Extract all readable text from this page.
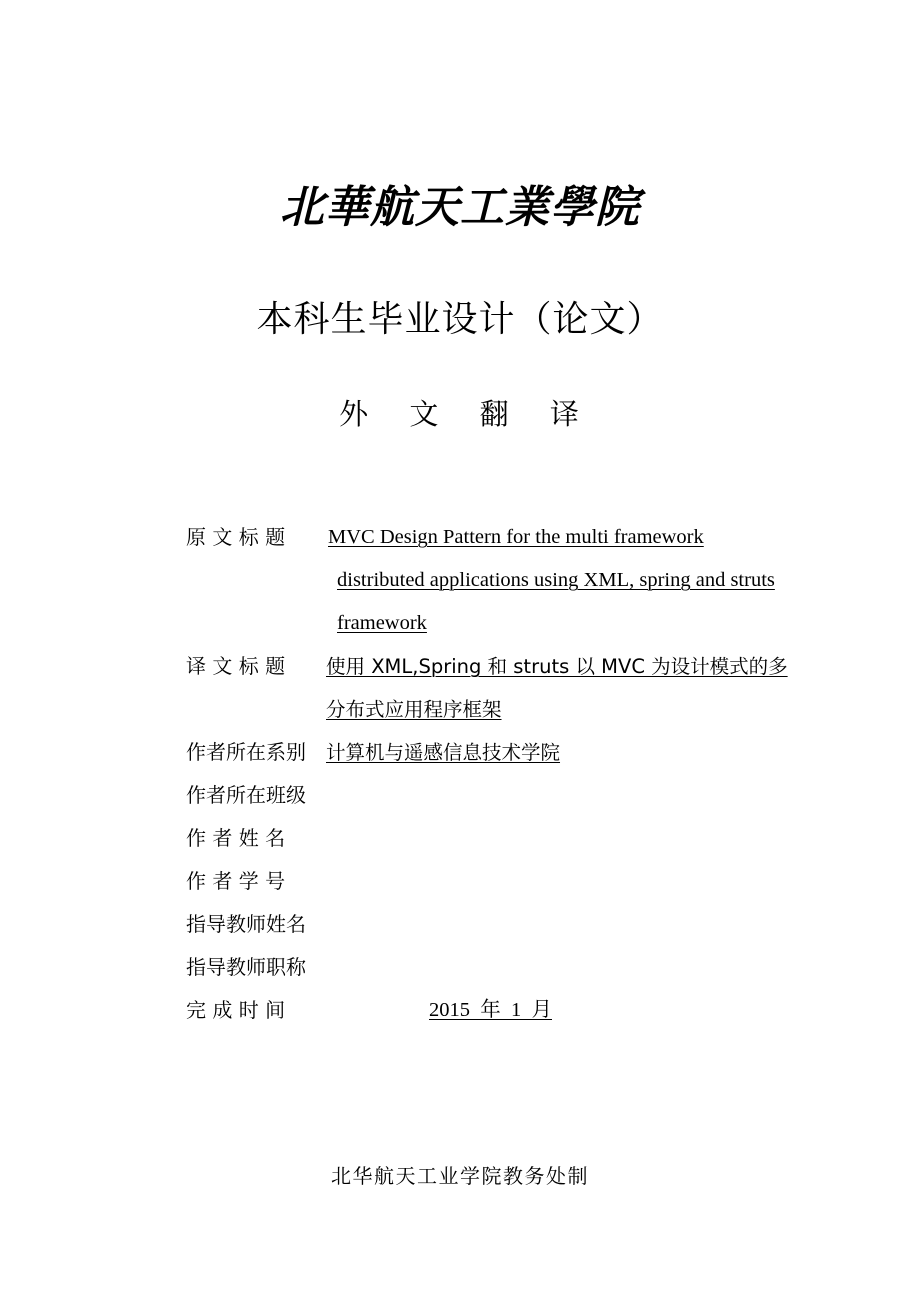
北華航天工業學院
本科生毕业设计（论文）
外 文 翻 译
原 文 标 题 MVC Design Pattern for the multi framework
distributed applications using XML, spring and struts
framework
译 文 标 题 使用 XML,Spring 和 struts 以 MVC 为设计模式的多
分布式应用程序框架
作者所在系别 计算机与遥感信息技术学院
作者所在班级
作 者 姓 名
作 者 学 号
指导教师姓名
指导教师职称
完 成 时 间	2015  年  1  月
北华航天工业学院教务处制
